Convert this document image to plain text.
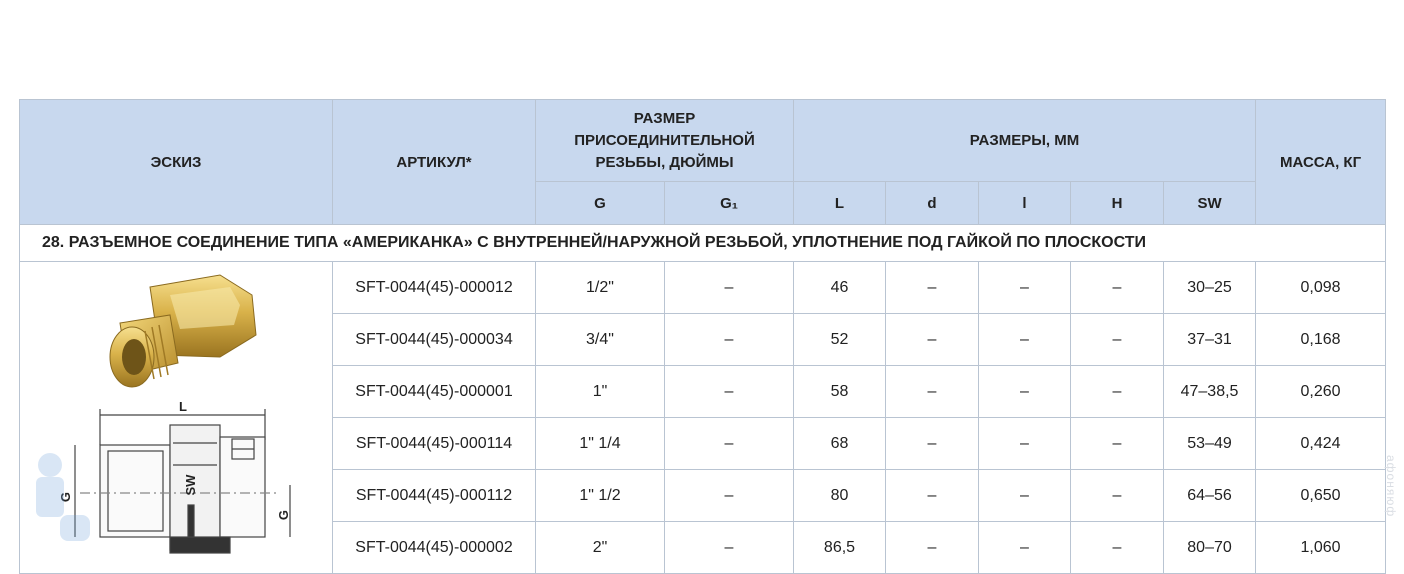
ЭСКИЗ	АРТИКУЛ*	РАЗМЕР ПРИСОЕДИНИТЕЛЬНОЙ РЕЗЬБЫ, ДЮЙМЫ		РАЗМЕРЫ, ММ					МАССА, КГ
		G	G₁	L	d	l	H	SW	
28. РАЗЪЕМНОЕ СОЕДИНЕНИЕ ТИПА «АМЕРИКАНКА» С ВНУТРЕННЕЙ/НАРУЖНОЙ РЕЗЬБОЙ, УПЛОТНЕНИЕ ПОД ГАЙКОЙ ПО ПЛОСКОСТИ									

L
G
G
SW	SFT-0044(45)-000012	1/2"	–	46	–	–	–	30–25	0,098
	SFT-0044(45)-000034	3/4"	–	52	–	–	–	37–31	0,168
	SFT-0044(45)-000001	1"	–	58	–	–	–	47–38,5	0,260
	SFT-0044(45)-000114	1" 1/4	–	68	–	–	–	53–49	0,424
	SFT-0044(45)-000112	1" 1/2	–	80	–	–	–	64–56	0,650
	SFT-0044(45)-000002	2"	–	86,5	–	–	–	80–70	1,060
афоняюф
